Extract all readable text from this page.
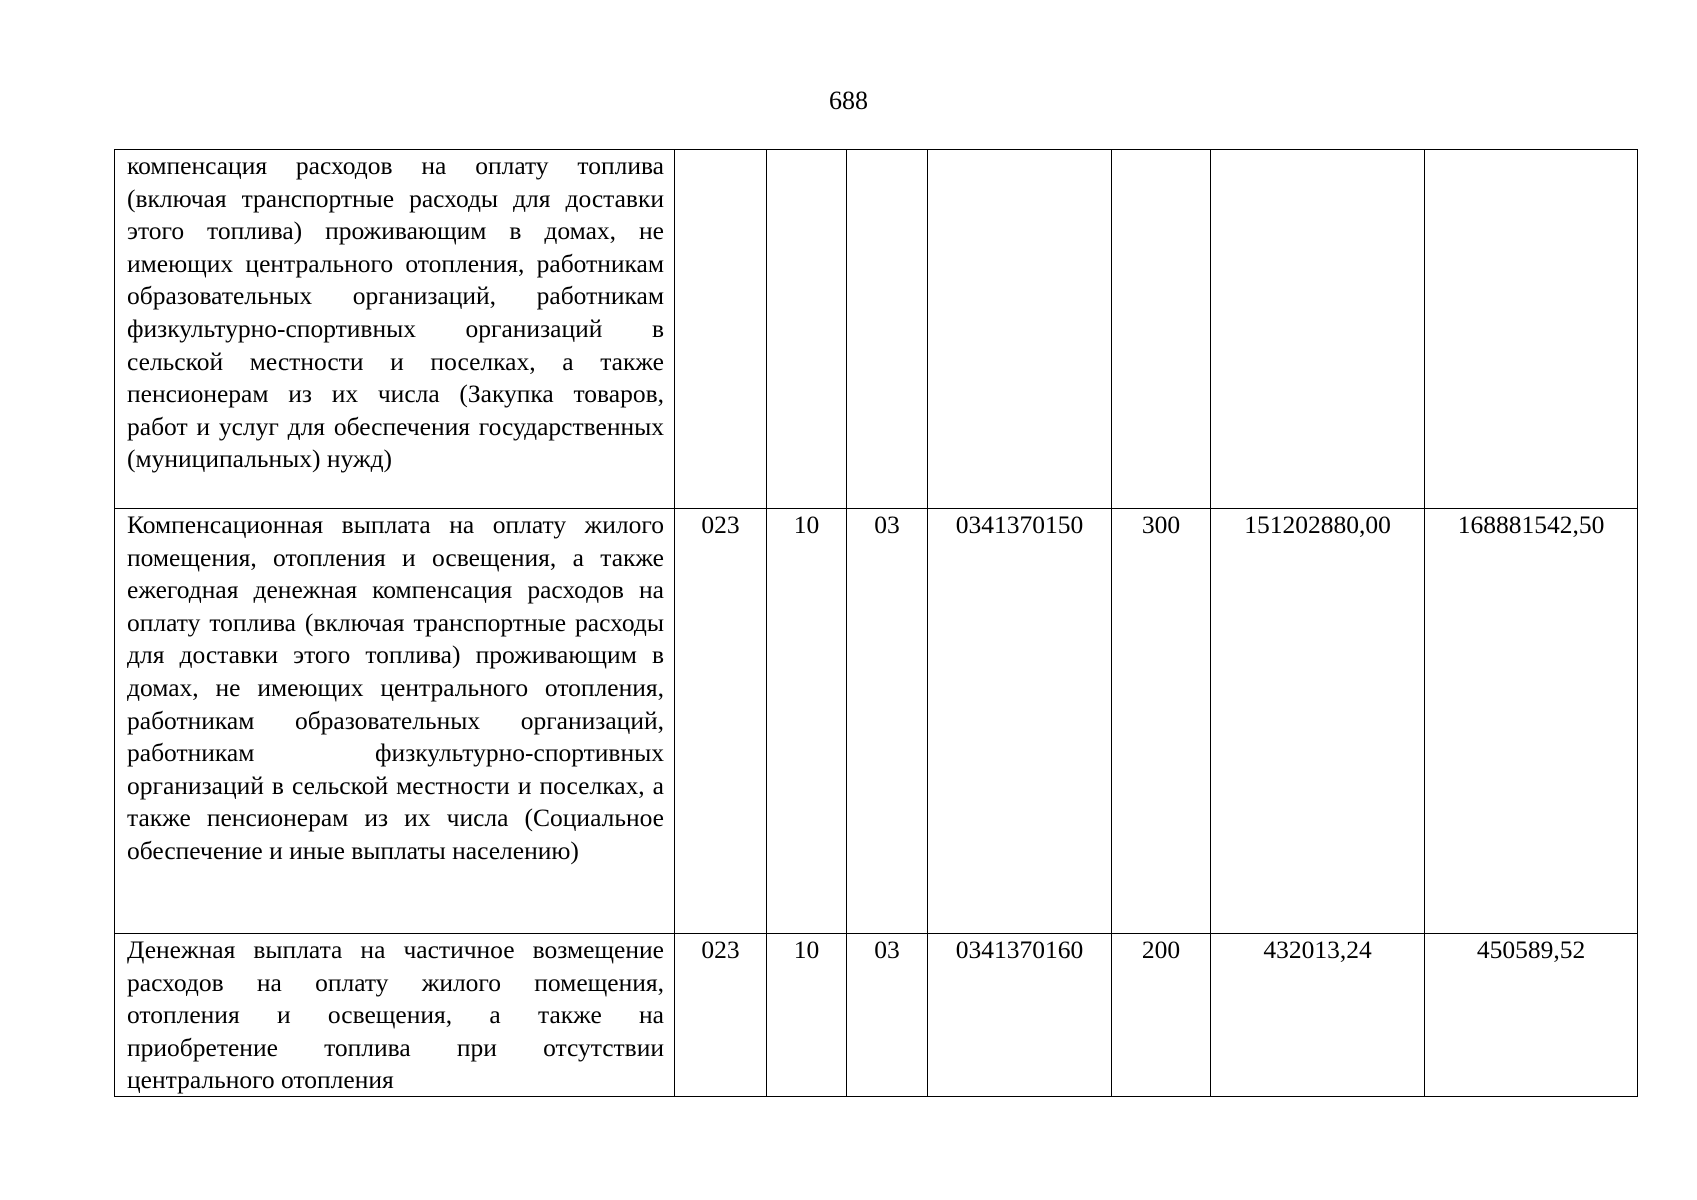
688
компенсация расходов на оплату топлива (включая транспортные расходы для доставки этого топлива) проживающим в домах, не имеющих центрального отопления, работникам образовательных организаций, работникам физкультурно-спортивных организаций в сельской местности и поселках, а также пенсионерам из их числа (Закупка товаров, работ и услуг для обеспечения государственных (муниципальных) нужд)							
Компенсационная выплата на оплату жилого помещения, отопления и освещения, а также ежегодная денежная компенсация расходов на оплату топлива (включая транспортные расходы для доставки этого топлива) проживающим в домах, не имеющих центрального отопления, работникам образовательных организаций, работникам физкультурно-спортивных организаций в сельской местности и поселках, а также пенсионерам из их числа (Социальное обеспечение и иные выплаты населению)	023	10	03	0341370150	300	151202880,00	168881542,50

Денежная выплата на частичное возмещение расходов на оплату жилого помещения, отопления и освещения, а также на приобретение топлива при отсутствии центрального отопления	023	10	03	0341370160	200	432013,24	450589,52
